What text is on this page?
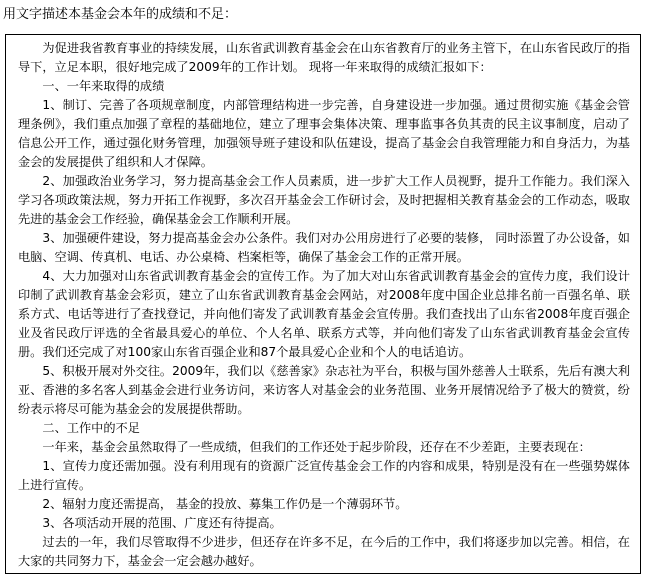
用文字描述本基金会本年的成绩和不足：

为促进我省教育事业的持续发展，山东省武训教育基金会在山东省教育厅的业务主管下，在山东省民政厅的指导下，立足本职，很好地完成了2009年的工作计划。 现将一年来取得的成绩汇报如下：

一、一年来取得的成绩

1、制订、完善了各项规章制度，内部管理结构进一步完善，自身建设进一步加强。通过贯彻实施《基金会管理条例》，我们重点加强了章程的基础地位，建立了理事会集体决策、理事监事各负其责的民主议事制度，启动了信息公开工作，通过强化财务管理，加强领导班子建设和队伍建设，提高了基金会自我管理能力和自身活力，为基金会的发展提供了组织和人才保障。

2、加强政治业务学习，努力提高基金会工作人员素质，进一步扩大工作人员视野，提升工作能力。我们深入学习各项政策法规，努力开拓工作视野，多次召开基金会工作研讨会，及时把握相关教育基金会的工作动态，吸取先进的基金会工作经验，确保基金会工作顺利开展。

3、加强硬件建设，努力提高基金会办公条件。我们对办公用房进行了必要的装修， 同时添置了办公设备，如电脑、空调、传真机、电话、办公桌椅、档案柜等，确保了基金会工作的正常开展。

4、大力加强对山东省武训教育基金会的宣传工作。为了加大对山东省武训教育基金会的宣传力度，我们设计印制了武训教育基金会彩页，建立了山东省武训教育基金会网站，对2008年度中国企业总排名前一百强名单、联系方式、电话等进行了查找登记，并向他们寄发了武训教育基金会宣传册。我们查找出了山东省2008年度百强企业及省民政厅评选的全省最具爱心的单位、个人名单、联系方式等，并向他们寄发了山东省武训教育基金会宣传册。我们还完成了对100家山东省百强企业和87个最具爱心企业和个人的电话追访。

5、积极开展对外交往。2009年，我们以《慈善家》杂志社为平台，积极与国外慈善人士联系，先后有澳大利亚、香港的多名客人到基金会进行业务访问，来访客人对基金会的业务范围、业务开展情况给予了极大的赞赏，纷纷表示将尽可能为基金会的发展提供帮助。

二、工作中的不足

一年来，基金会虽然取得了一些成绩，但我们的工作还处于起步阶段，还存在不少差距，主要表现在：

1、宣传力度还需加强。没有利用现有的资源广泛宣传基金会工作的内容和成果，特别是没有在一些强势媒体上进行宣传。

2、辐射力度还需提高， 基金的投放、募集工作仍是一个薄弱环节。

3、各项活动开展的范围、广度还有待提高。

过去的一年，我们尽管取得不少进步，但还存在许多不足，在今后的工作中，我们将逐步加以完善。相信，在大家的共同努力下，基金会一定会越办越好。
